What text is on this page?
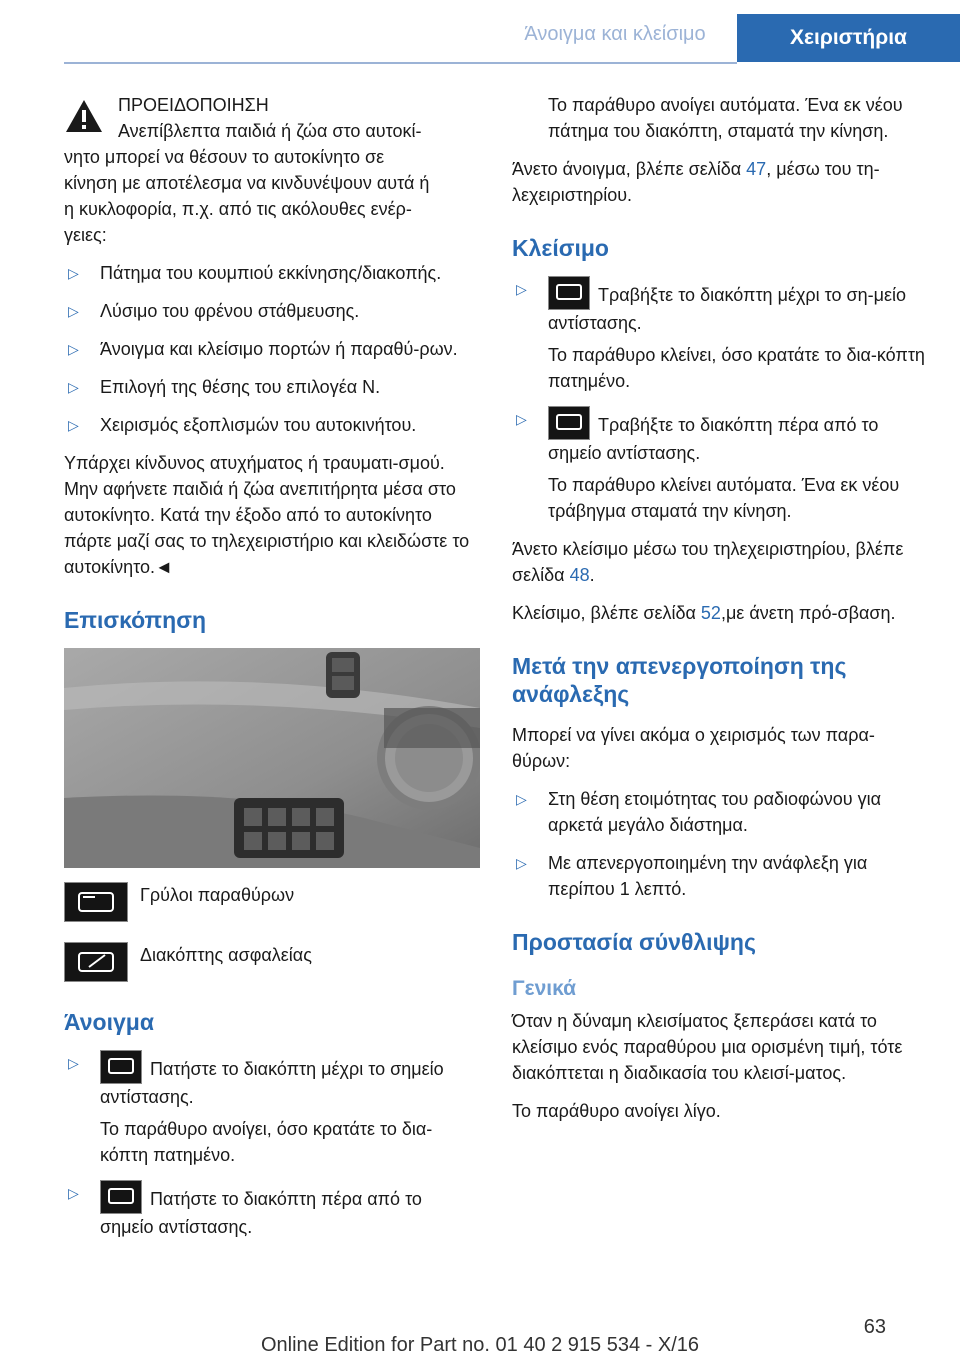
Άνοιγμα και κλείσιμο	Χειριστήρια

ΠΡΟΕΙΔΟΠΟΙΗΣΗ

Ανεπίβλεπτα παιδιά ή ζώα στο αυτοκί-

νητο μπορεί να θέσουν το αυτοκίνητο σε

κίνηση με αποτέλεσμα να κινδυνέψουν αυτά ή

η κυκλοφορία, π.χ. από τις ακόλουθες ενέρ-

γειες:

▷ Πάτημα του κουμπιού εκκίνησης/διακοπής.
▷ Λύσιμο του φρένου στάθμευσης.
▷ Άνοιγμα και κλείσιμο πορτών ή παραθύ-ρων.
▷ Επιλογή της θέσης του επιλογέα N.
▷ Χειρισμός εξοπλισμών του αυτοκινήτου.

Υπάρχει κίνδυνος ατυχήματος ή τραυματι-σμού. Μην αφήνετε παιδιά ή ζώα ανεπιτήρητα μέσα στο αυτοκίνητο. Κατά την έξοδο από το αυτοκίνητο πάρτε μαζί σας το τηλεχειριστήριο και κλειδώστε το αυτοκίνητο.◄

Επισκόπηση
Γρύλοι παραθύρων
Διακόπτης ασφαλείας
Άνοιγμα
▷	Πατήστε το διακόπτη μέχρι το σημείο αντίστασης.
Το παράθυρο ανοίγει, όσο κρατάτε το δια-κόπτη πατημένο.
▷	Πατήστε το διακόπτη πέρα από το σημείο αντίστασης.

Το παράθυρο ανοίγει αυτόματα. Ένα εκ νέου πάτημα του διακόπτη, σταματά την κίνηση.

Άνετο άνοιγμα, βλέπε σελίδα 47, μέσω του τη-λεχειριστηρίου.

Κλείσιμο
▷	Τραβήξτε το διακόπτη μέχρι το ση-μείο αντίστασης.
Το παράθυρο κλείνει, όσο κρατάτε το δια-κόπτη πατημένο.
▷	Τραβήξτε το διακόπτη πέρα από το σημείο αντίστασης.
Το παράθυρο κλείνει αυτόματα. Ένα εκ νέου τράβηγμα σταματά την κίνηση.

Άνετο κλείσιμο μέσω του τηλεχειριστηρίου, βλέπε σελίδα 48.

Κλείσιμο, βλέπε σελίδα 52,με άνετη πρό-σβαση.

Μετά την απενεργοποίηση της ανάφλεξης

Μπορεί να γίνει ακόμα ο χειρισμός των παρα-θύρων:

▷ Στη θέση ετοιμότητας του ραδιοφώνου για αρκετά μεγάλο διάστημα.
▷ Με απενεργοποιημένη την ανάφλεξη για περίπου 1 λεπτό.
Προστασία σύνθλιψης
Γενικά

Όταν η δύναμη κλεισίματος ξεπεράσει κατά το κλείσιμο ενός παραθύρου μια ορισμένη τιμή, τότε διακόπτεται η διαδικασία του κλεισί-ματος.

Το παράθυρο ανοίγει λίγο.

63
Online Edition for Part no. 01 40 2 915 534 - X/16
